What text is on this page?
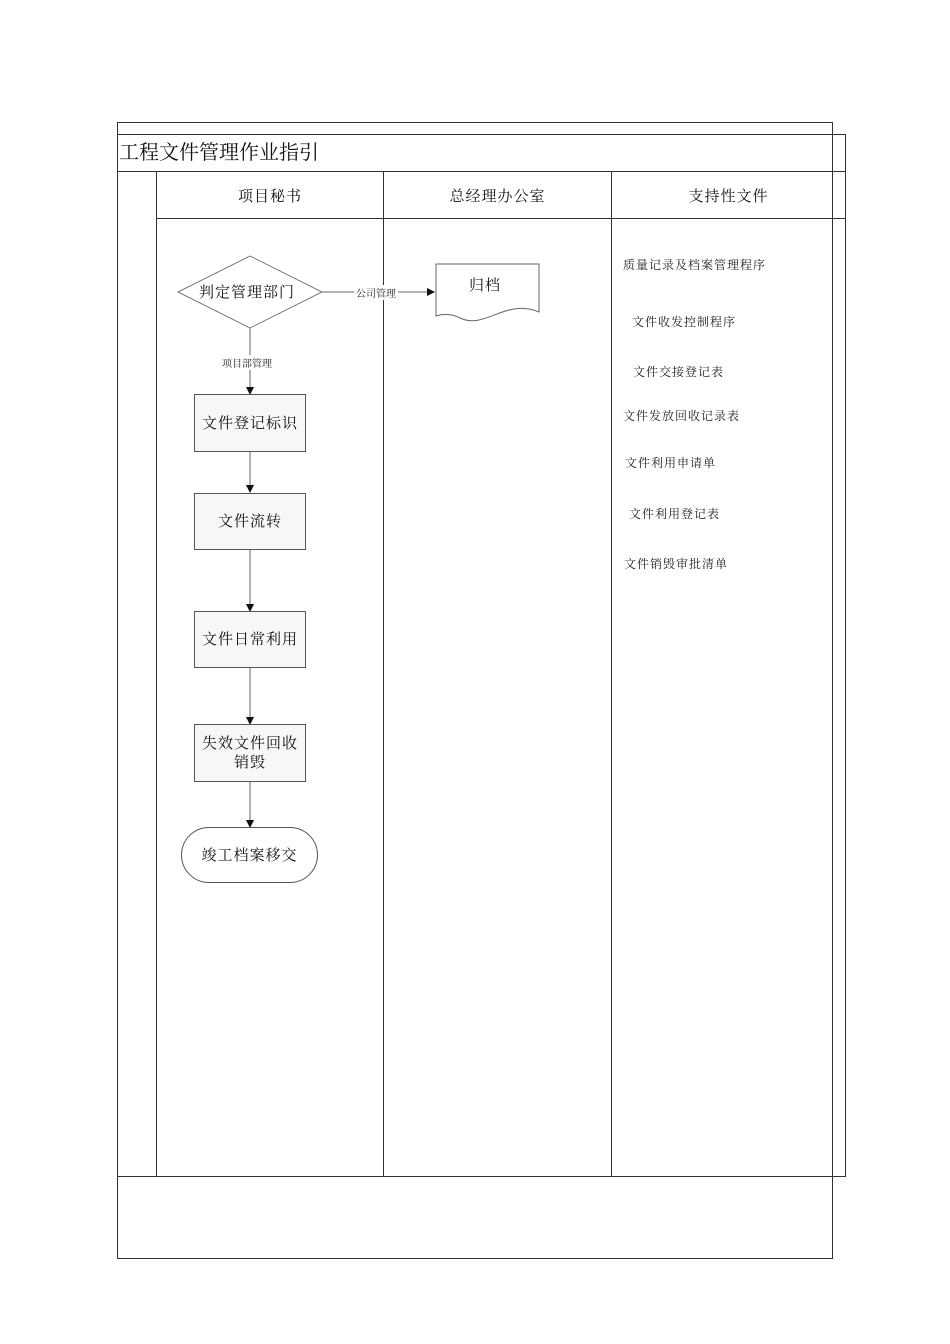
工程文件管理作业指引
项目秘书	总经理办公室	支持性文件
判定管理部门	公司管理
项目部管理
归档
文件登记标识
文件流转
文件日常利用
失效文件回收销毁
竣工档案移交
质量记录及档案管理程序
文件收发控制程序
文件交接登记表
文件发放回收记录表
文件利用申请单
文件利用登记表
文件销毁审批清单
